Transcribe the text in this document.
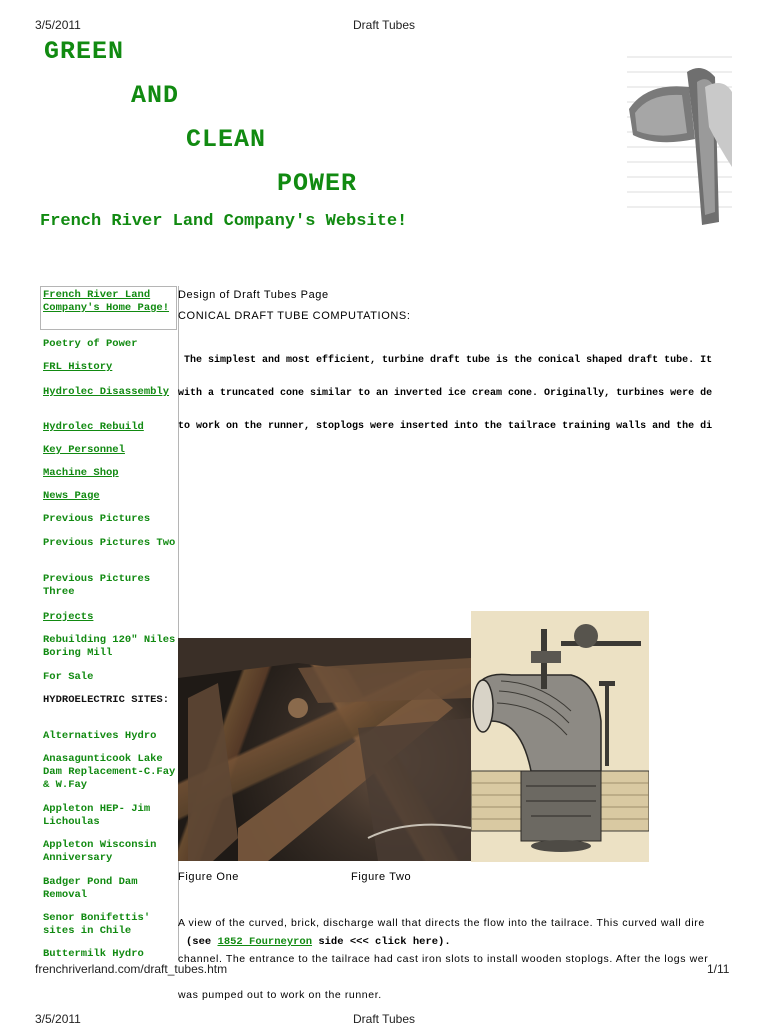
3/5/2011	Draft Tubes
GREEN
AND
CLEAN
POWER
French River Land Company's Website!
French River Land Company's Home Page!
Poetry of Power
FRL History
Hydrolec Disassembly
Hydrolec Rebuild
Key Personnel
Machine Shop
News Page
Previous Pictures
Previous Pictures Two
Previous Pictures Three
Projects
Rebuilding 120" Niles Boring Mill
For Sale
HYDROELECTRIC SITES:
Alternatives Hydro
Anasagunticook Lake Dam Replacement-C.Fay & W.Fay
Appleton HEP- Jim Lichoulas
Appleton Wisconsin Anniversary
Badger Pond Dam Removal
Senor Bonifettis' sites in Chile
Buttermilk Hydro
Design of Draft Tubes Page
CONICAL DRAFT TUBE COMPUTATIONS:

The simplest and most efficient, turbine draft tube is the conical shaped draft tube. It

with a truncated cone similar to an inverted ice cream cone. Originally, turbines were de

to work on the runner, stoplogs were inserted into the tailrace training walls and the di

Figure One	Figure Two

A view of the curved, brick, discharge wall that directs the flow into the tailrace. This curved wall dire

channel. The entrance to the tailrace had cast iron slots to install wooden stoplogs. After the logs wer

was pumped out to work on the runner.

(see 1852 Fourneyron side <<< click here).
frenchriverland.com/draft_tubes.htm	1/11
3/5/2011	Draft Tubes
